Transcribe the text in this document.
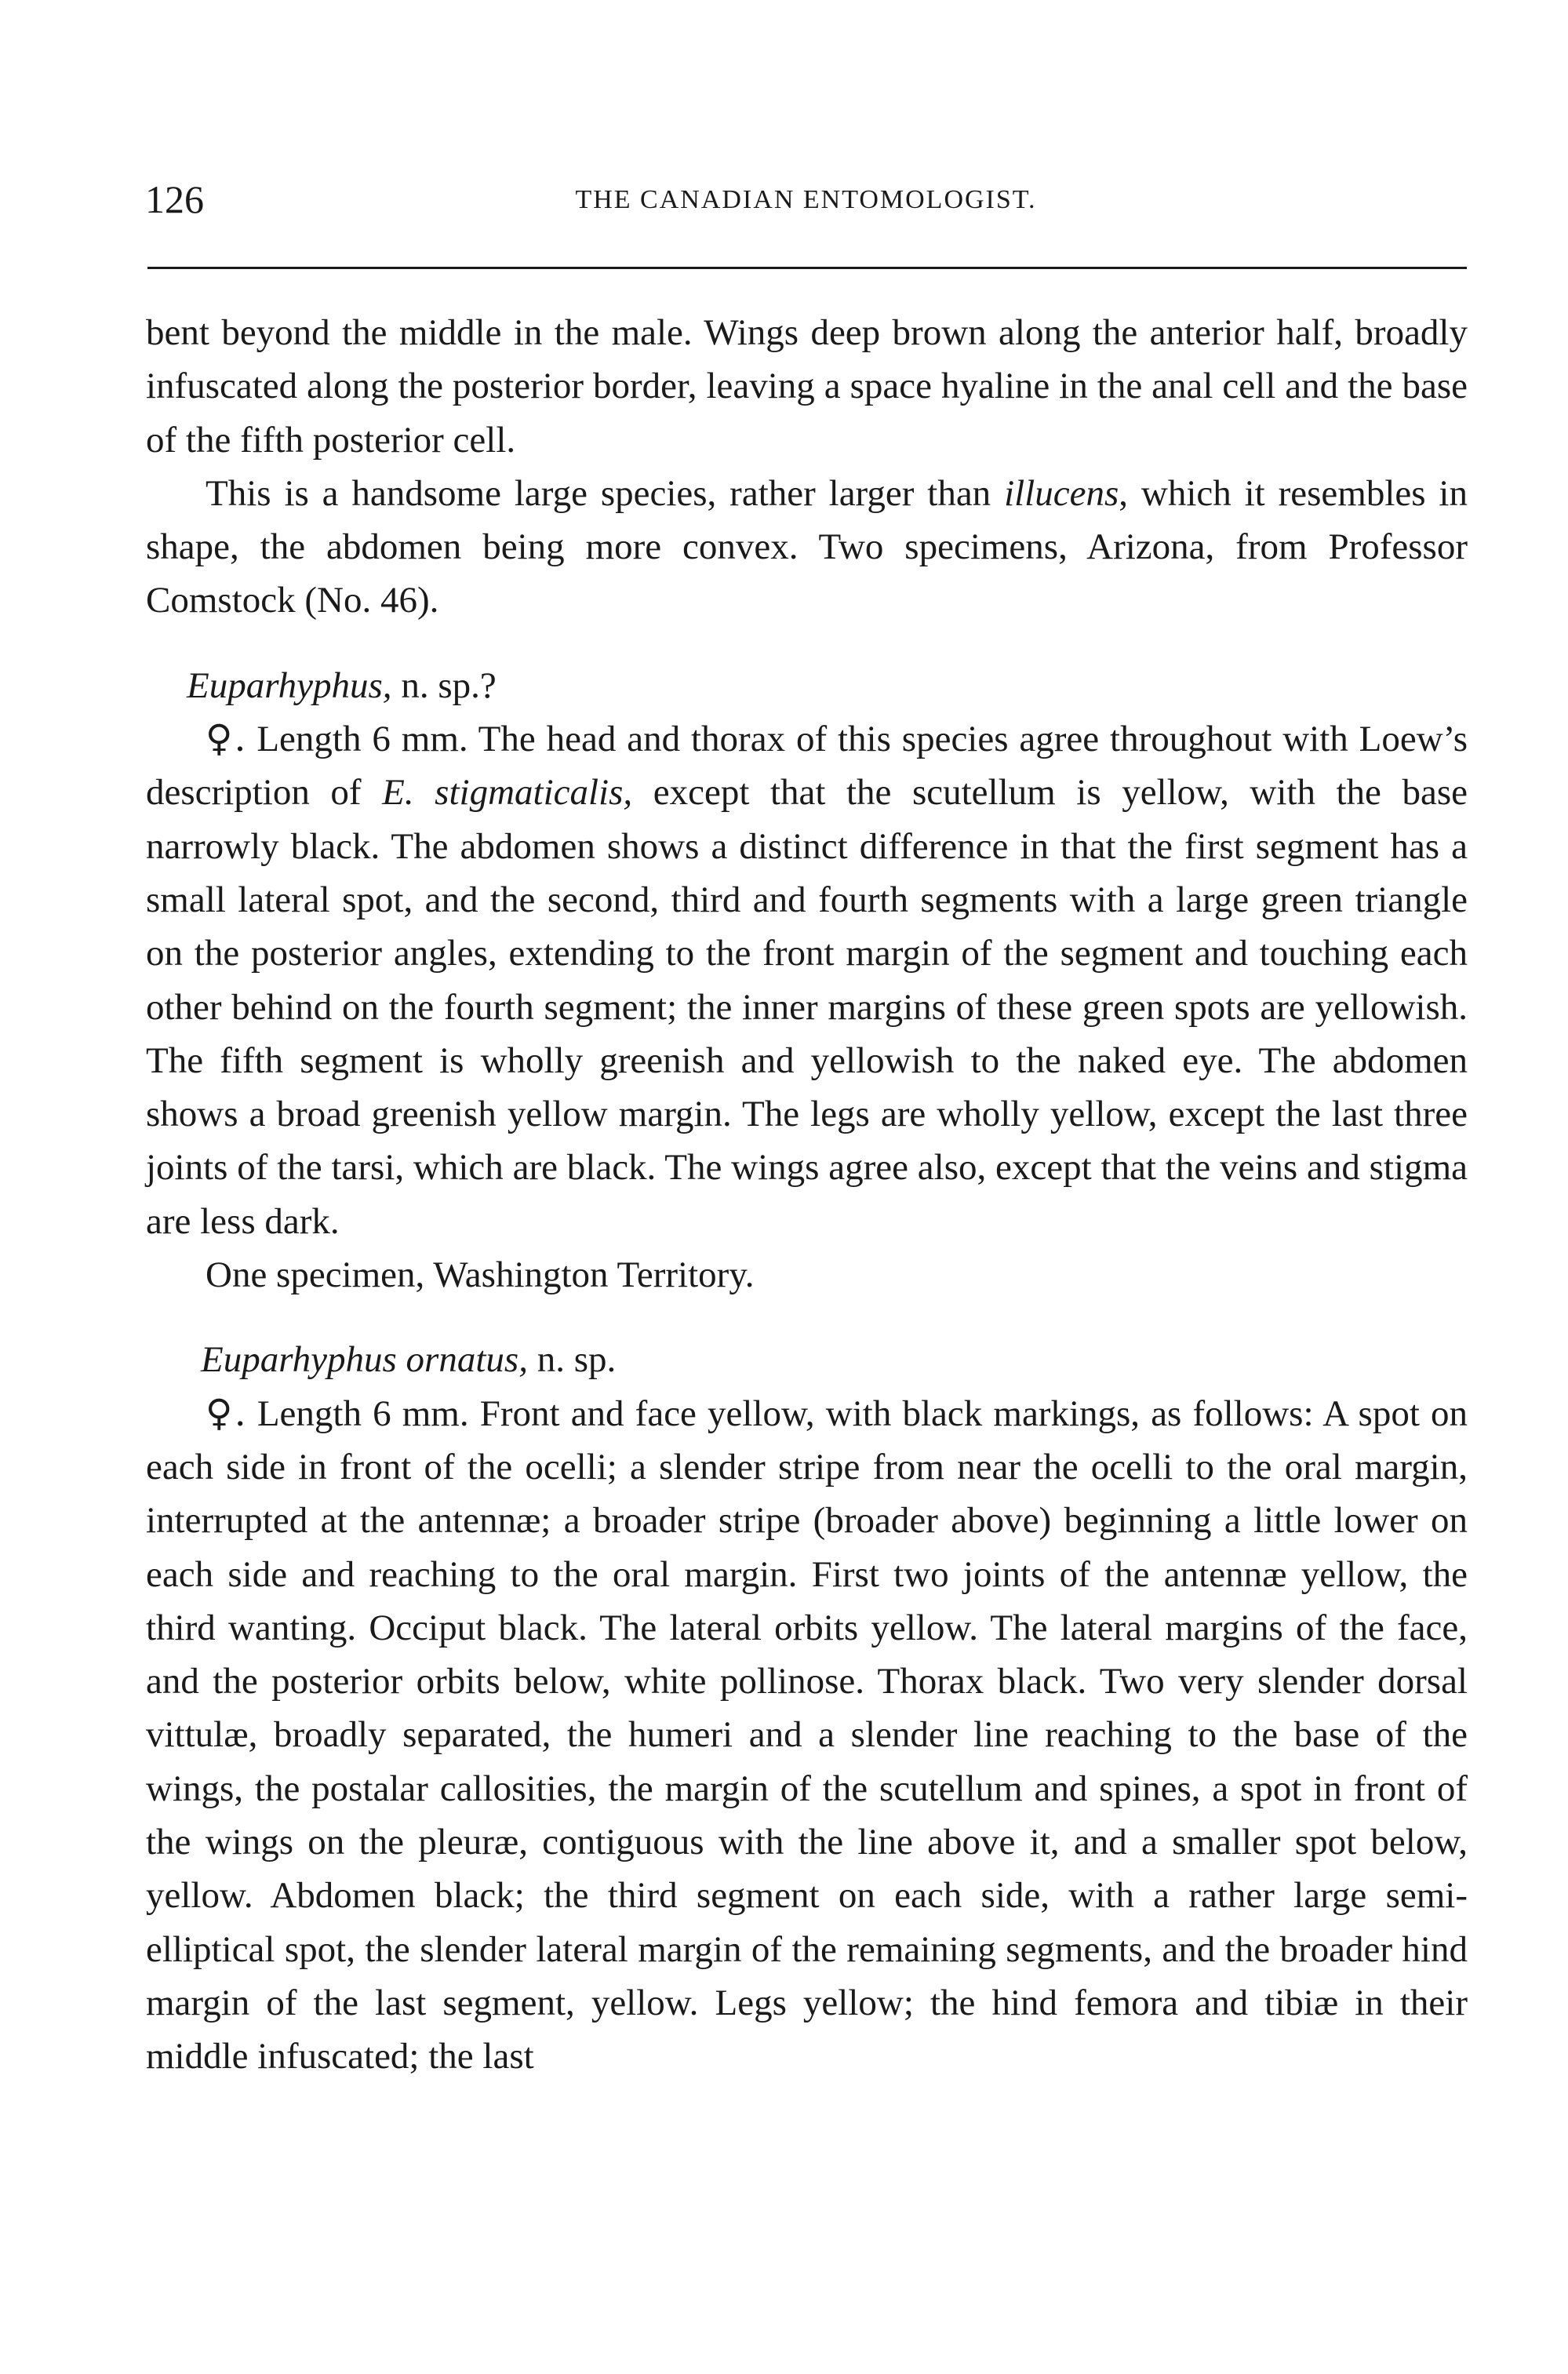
126	THE CANADIAN ENTOMOLOGIST.

bent beyond the middle in the male. Wings deep brown along the anterior half, broadly infuscated along the posterior border, leaving a space hyaline in the anal cell and the base of the fifth posterior cell.

This is a handsome large species, rather larger than illucens, which it resembles in shape, the abdomen being more convex. Two specimens, Arizona, from Professor Comstock (No. 46).

Euparhyphus, n. sp.?

♀. Length 6 mm. The head and thorax of this species agree throughout with Loew’s description of E. stigmaticalis, except that the scutellum is yellow, with the base narrowly black. The abdomen shows a distinct difference in that the first segment has a small lateral spot, and the second, third and fourth segments with a large green triangle on the posterior angles, extending to the front margin of the segment and touching each other behind on the fourth segment; the inner margins of these green spots are yellowish. The fifth segment is wholly greenish and yellowish to the naked eye. The abdomen shows a broad greenish yellow margin. The legs are wholly yellow, except the last three joints of the tarsi, which are black. The wings agree also, except that the veins and stigma are less dark.

One specimen, Washington Territory.

Euparhyphus ornatus, n. sp.

♀. Length 6 mm. Front and face yellow, with black markings, as follows: A spot on each side in front of the ocelli; a slender stripe from near the ocelli to the oral margin, interrupted at the antennæ; a broader stripe (broader above) beginning a little lower on each side and reaching to the oral margin. First two joints of the antennæ yellow, the third wanting. Occiput black. The lateral orbits yellow. The lateral margins of the face, and the posterior orbits below, white pollinose. Thorax black. Two very slender dorsal vittulæ, broadly separated, the humeri and a slender line reaching to the base of the wings, the postalar callosities, the margin of the scutellum and spines, a spot in front of the wings on the pleuræ, contiguous with the line above it, and a smaller spot below, yellow. Abdomen black; the third segment on each side, with a rather large semi-elliptical spot, the slender lateral margin of the remaining segments, and the broader hind margin of the last segment, yellow. Legs yellow; the hind femora and tibiæ in their middle infuscated; the last
